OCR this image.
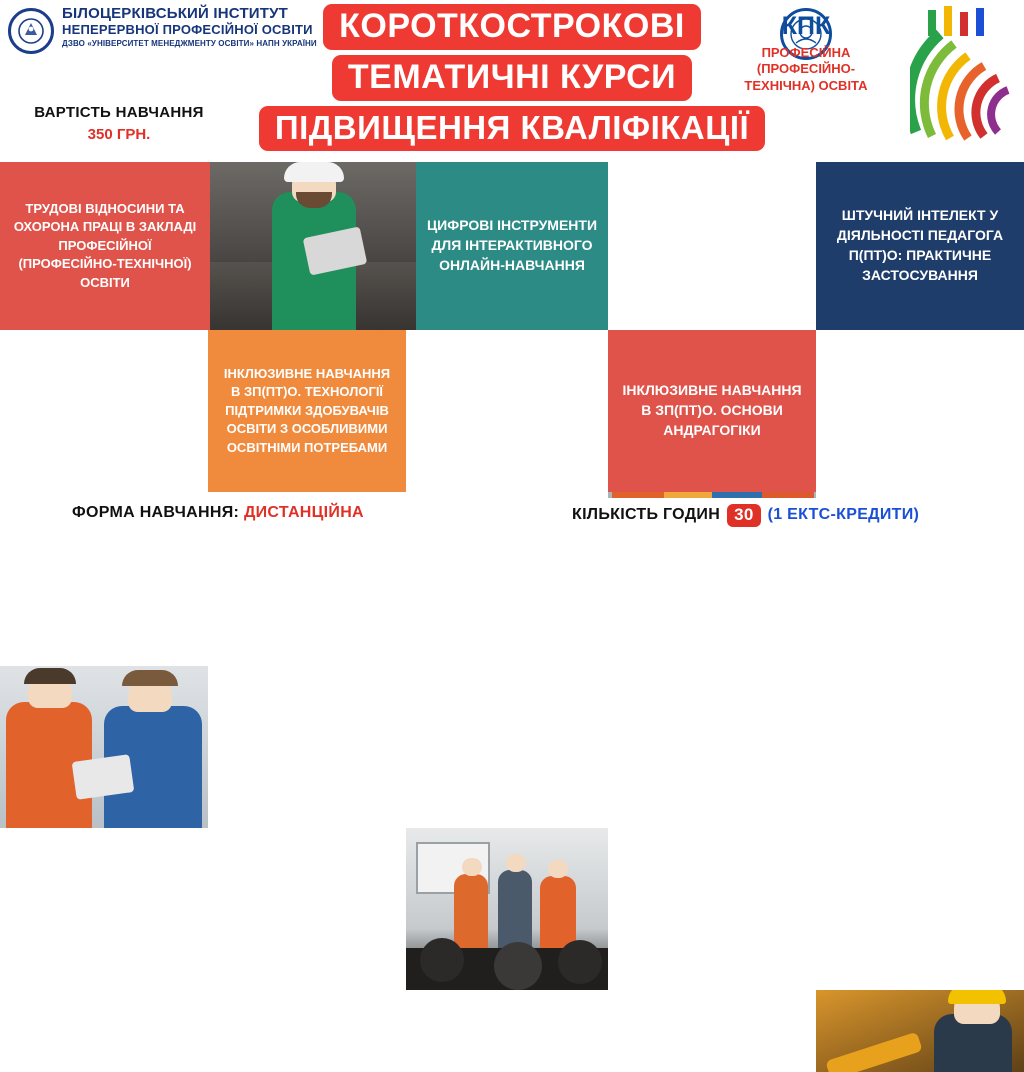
БІЛОЦЕРКІВСЬКИЙ ІНСТИТУТ
НЕПЕРЕРВНОЇ ПРОФЕСІЙНОЇ ОСВІТИ
ДЗВО «УНІВЕРСИТЕТ МЕНЕДЖМЕНТУ ОСВІТИ» НАПН УКРАЇНИ
ВАРТІСТЬ НАВЧАННЯ
350 ГРН.
КОРОТКОСТРОКОВІ
ТЕМАТИЧНІ КУРСИ
ПІДВИЩЕННЯ КВАЛІФІКАЦІЇ
КПК
ПРОФЕСІЙНА
(ПРОФЕСІЙНО-
ТЕХНІЧНА) ОСВІТА
ТРУДОВІ ВІДНОСИНИ ТА ОХОРОНА ПРАЦІ В ЗАКЛАДІ ПРОФЕСІЙНОЇ (ПРОФЕСІЙНО-ТЕХНІЧНОЇ) ОСВІТИ
ЦИФРОВІ ІНСТРУМЕНТИ ДЛЯ ІНТЕРАКТИВНОГО ОНЛАЙН-НАВЧАННЯ
ШТУЧНИЙ ІНТЕЛЕКТ У ДІЯЛЬНОСТІ ПЕДАГОГА П(ПТ)О: ПРАКТИЧНЕ ЗАСТОСУВАННЯ
ІНКЛЮЗИВНЕ НАВЧАННЯ В ЗП(ПТ)О. ТЕХНОЛОГІЇ ПІДТРИМКИ ЗДОБУВАЧІВ ОСВІТИ З ОСОБЛИВИМИ ОСВІТНІМИ ПОТРЕБАМИ
ІНКЛЮЗИВНЕ НАВЧАННЯ В ЗП(ПТ)О. ОСНОВИ АНДРАГОГІКИ
ФОРМА НАВЧАННЯ: ДИСТАНЦІЙНА	КІЛЬКІСТЬ ГОДИН 30 (1 ЕКТС-КРЕДИТИ)
